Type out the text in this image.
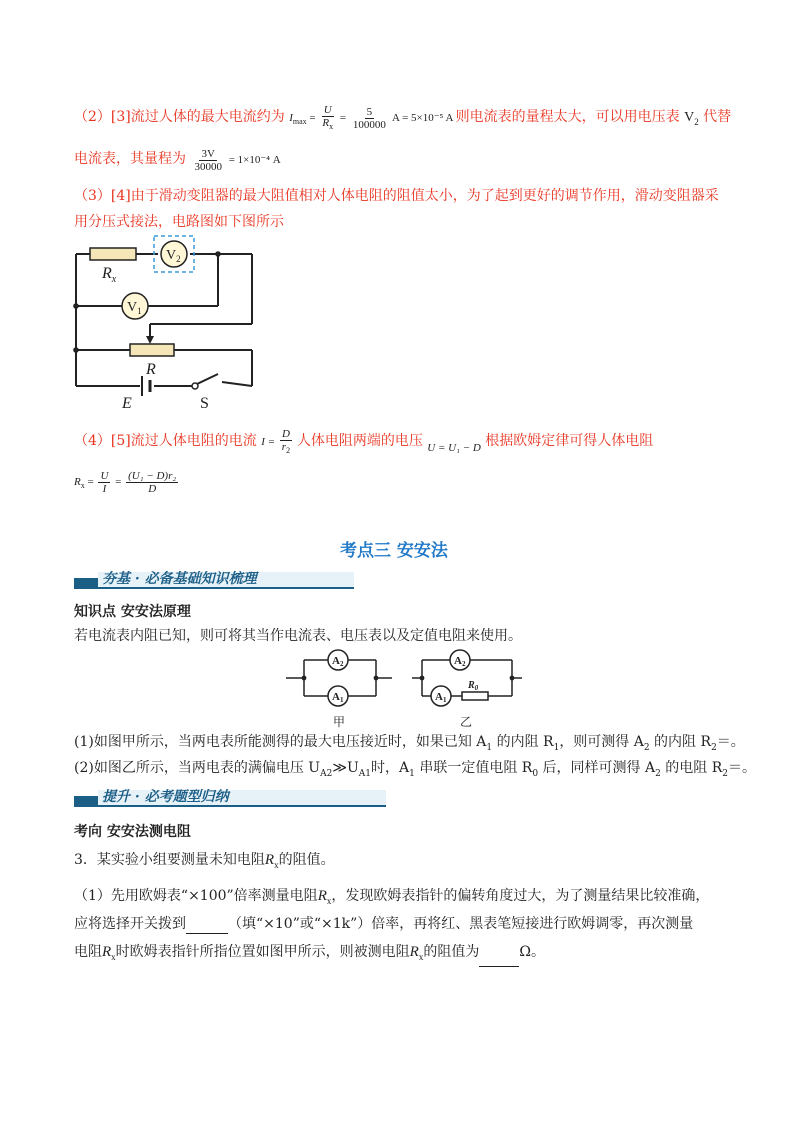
（2）[3]流过人体的最大电流约为 $I_{max} = \frac{U}{R_x} = \frac{5}{100000}$ A = 5×10⁻⁵ A 则电流表的量程太大，可以用电压表 $V_2$ 代替
电流表，其量程为 $\frac{3V}{30000} = 1\times 10^{-4}$ A
（3）[4]由于滑动变阻器的最大阻值相对人体电阻的阻值太小，为了起到更好的调节作用，滑动变阻器采
用分压式接法，电路图如下图所示
$R_x$
$V_2$
$V_1$
R
E	S
（4）[5]流过人体电阻的电流 $I = \frac{D}{r_2}$ 人体电阻两端的电压 $_{U = U_1 - D}$ 根据欧姆定律可得人体电阻
$R_x = \frac{U}{I} = \frac{\text{(U₁ − D)r₂}}{D}$
考点三 安安法
夯基 · 必备基础知识梳理
知识点 安安法原理
若电流表内阻已知，则可将其当作电流表、电压表以及定值电阻来使用。
A2
A1
A2
A1
$R_0$
甲	乙
(1)如图甲所示，当两电表所能测得的最大电压接近时，如果已知 $A_1$ 的内阻 $R_1$，则可测得 $A_2$ 的内阻 $R_2=$。
(2)如图乙所示，当两电表的满偏电压 $U_{A2}≫U_{A1}$时，$A_1$ 串联一定值电阻 $R_0$ 后，同样可测得 $A_2$ 的电阻 $R_2=$。
提升 · 必考题型归纳
考向 安安法测电阻
3．某实验小组要测量未知电阻$R_x$的阻值。
（1）先用欧姆表“×100”倍率测量电阻$R_x$，发现欧姆表指针的偏转角度过大，为了测量结果比较准确，
应将选择开关拨到	（填“×10”或“×1k”）倍率，再将红、黑表笔短接进行欧姆调零，再次测量
电阻$R_x$时欧姆表指针所指位置如图甲所示，则被测电阻$R_x$的阻值为	Ω。
